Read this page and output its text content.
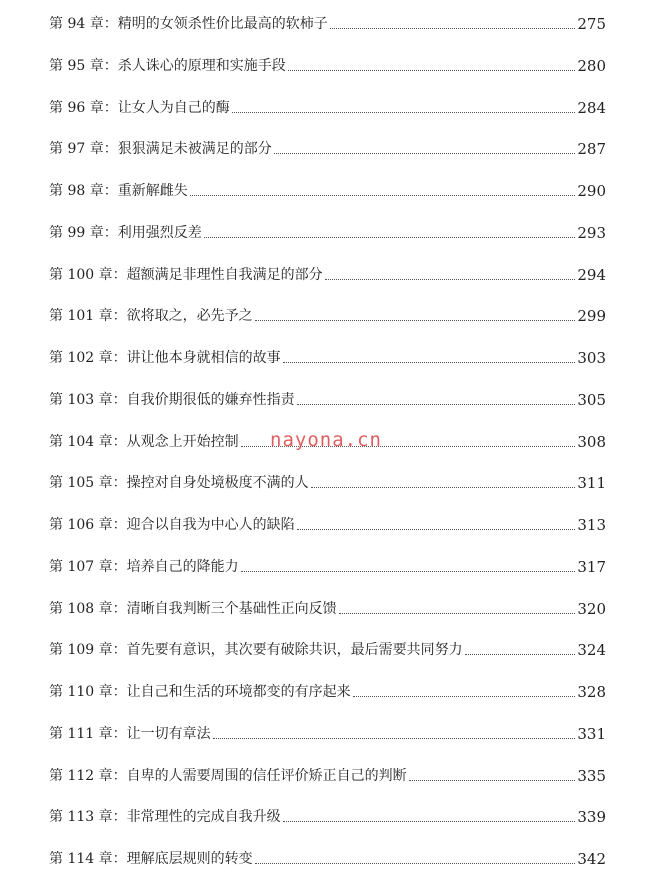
第 94 章：精明的女领杀性价比最高的软柿子	275
第 95 章：杀人诛心的原理和实施手段	280
第 96 章：让女人为自己的酶	284
第 97 章：狠狠满足未被满足的部分	287
第 98 章：重新解雌失	290
第 99 章：利用强烈反差	293
第 100 章：超额满足非理性自我满足的部分	294
第 101 章：欲将取之，必先予之	299
第 102 章：讲让他本身就相信的故事	303
第 103 章：自我价期很低的嫌弃性指责	305
第 104 章：从观念上开始控制	308
第 105 章：操控对自身处境极度不满的人	311
第 106 章：迎合以自我为中心人的缺陷	313
第 107 章：培养自己的降能力	317
第 108 章：清晰自我判断三个基础性正向反馈	320
第 109 章：首先要有意识，其次要有破除共识，最后需要共同努力	324
第 110 章：让自己和生活的环境都变的有序起来	328
第 111 章：让一切有章法	331
第 112 章：自卑的人需要周围的信任评价矫正自己的判断	335
第 113 章：非常理性的完成自我升级	339
第 114 章：理解底层规则的转变	342
nayona.cn
